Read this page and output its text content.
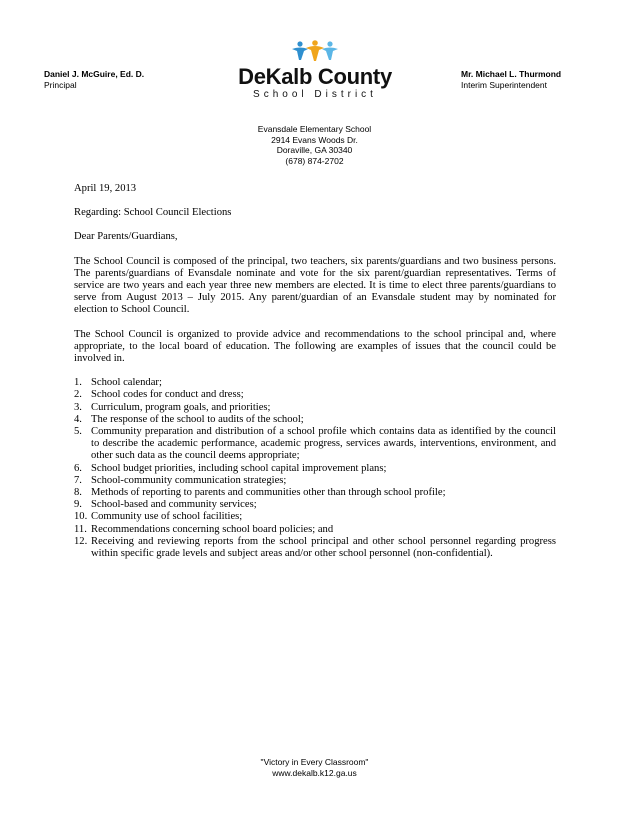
Daniel J. McGuire, Ed. D.
Principal	DeKalb County
School District
Mr. Michael L. Thurmond
Interim Superintendent
Evansdale Elementary School
2914 Evans Woods Dr.
Doraville, GA 30340
(678) 874-2702

April 19, 2013

Regarding: School Council Elections

Dear Parents/Guardians,

The School Council is composed of the principal, two teachers, six parents/guardians and two business persons. The parents/guardians of Evansdale nominate and vote for the six parent/guardian representatives. Terms of service are two years and each year three new members are elected. It is time to elect three parents/guardians to serve from August 2013 – July 2015. Any parent/guardian of an Evansdale student may by nominated for election to School Council.

The School Council is organized to provide advice and recommendations to the school principal and, where appropriate, to the local board of education. The following are examples of issues that the council could be involved in.

1. School calendar;
2. School codes for conduct and dress;
3. Curriculum, program goals, and priorities;
4. The response of the school to audits of the school;
5. Community preparation and distribution of a school profile which contains data as identified by the council to describe the academic performance, academic progress, services awards, interventions, environment, and other such data as the council deems appropriate;
6. School budget priorities, including school capital improvement plans;
7. School-community communication strategies;
8. Methods of reporting to parents and communities other than through school profile;
9. School-based and community services;
10. Community use of school facilities;
11. Recommendations concerning school board policies; and
12. Receiving and reviewing reports from the school principal and other school personnel regarding progress within specific grade levels and subject areas and/or other school personnel (non-confidential).
"Victory in Every Classroom"
www.dekalb.k12.ga.us
